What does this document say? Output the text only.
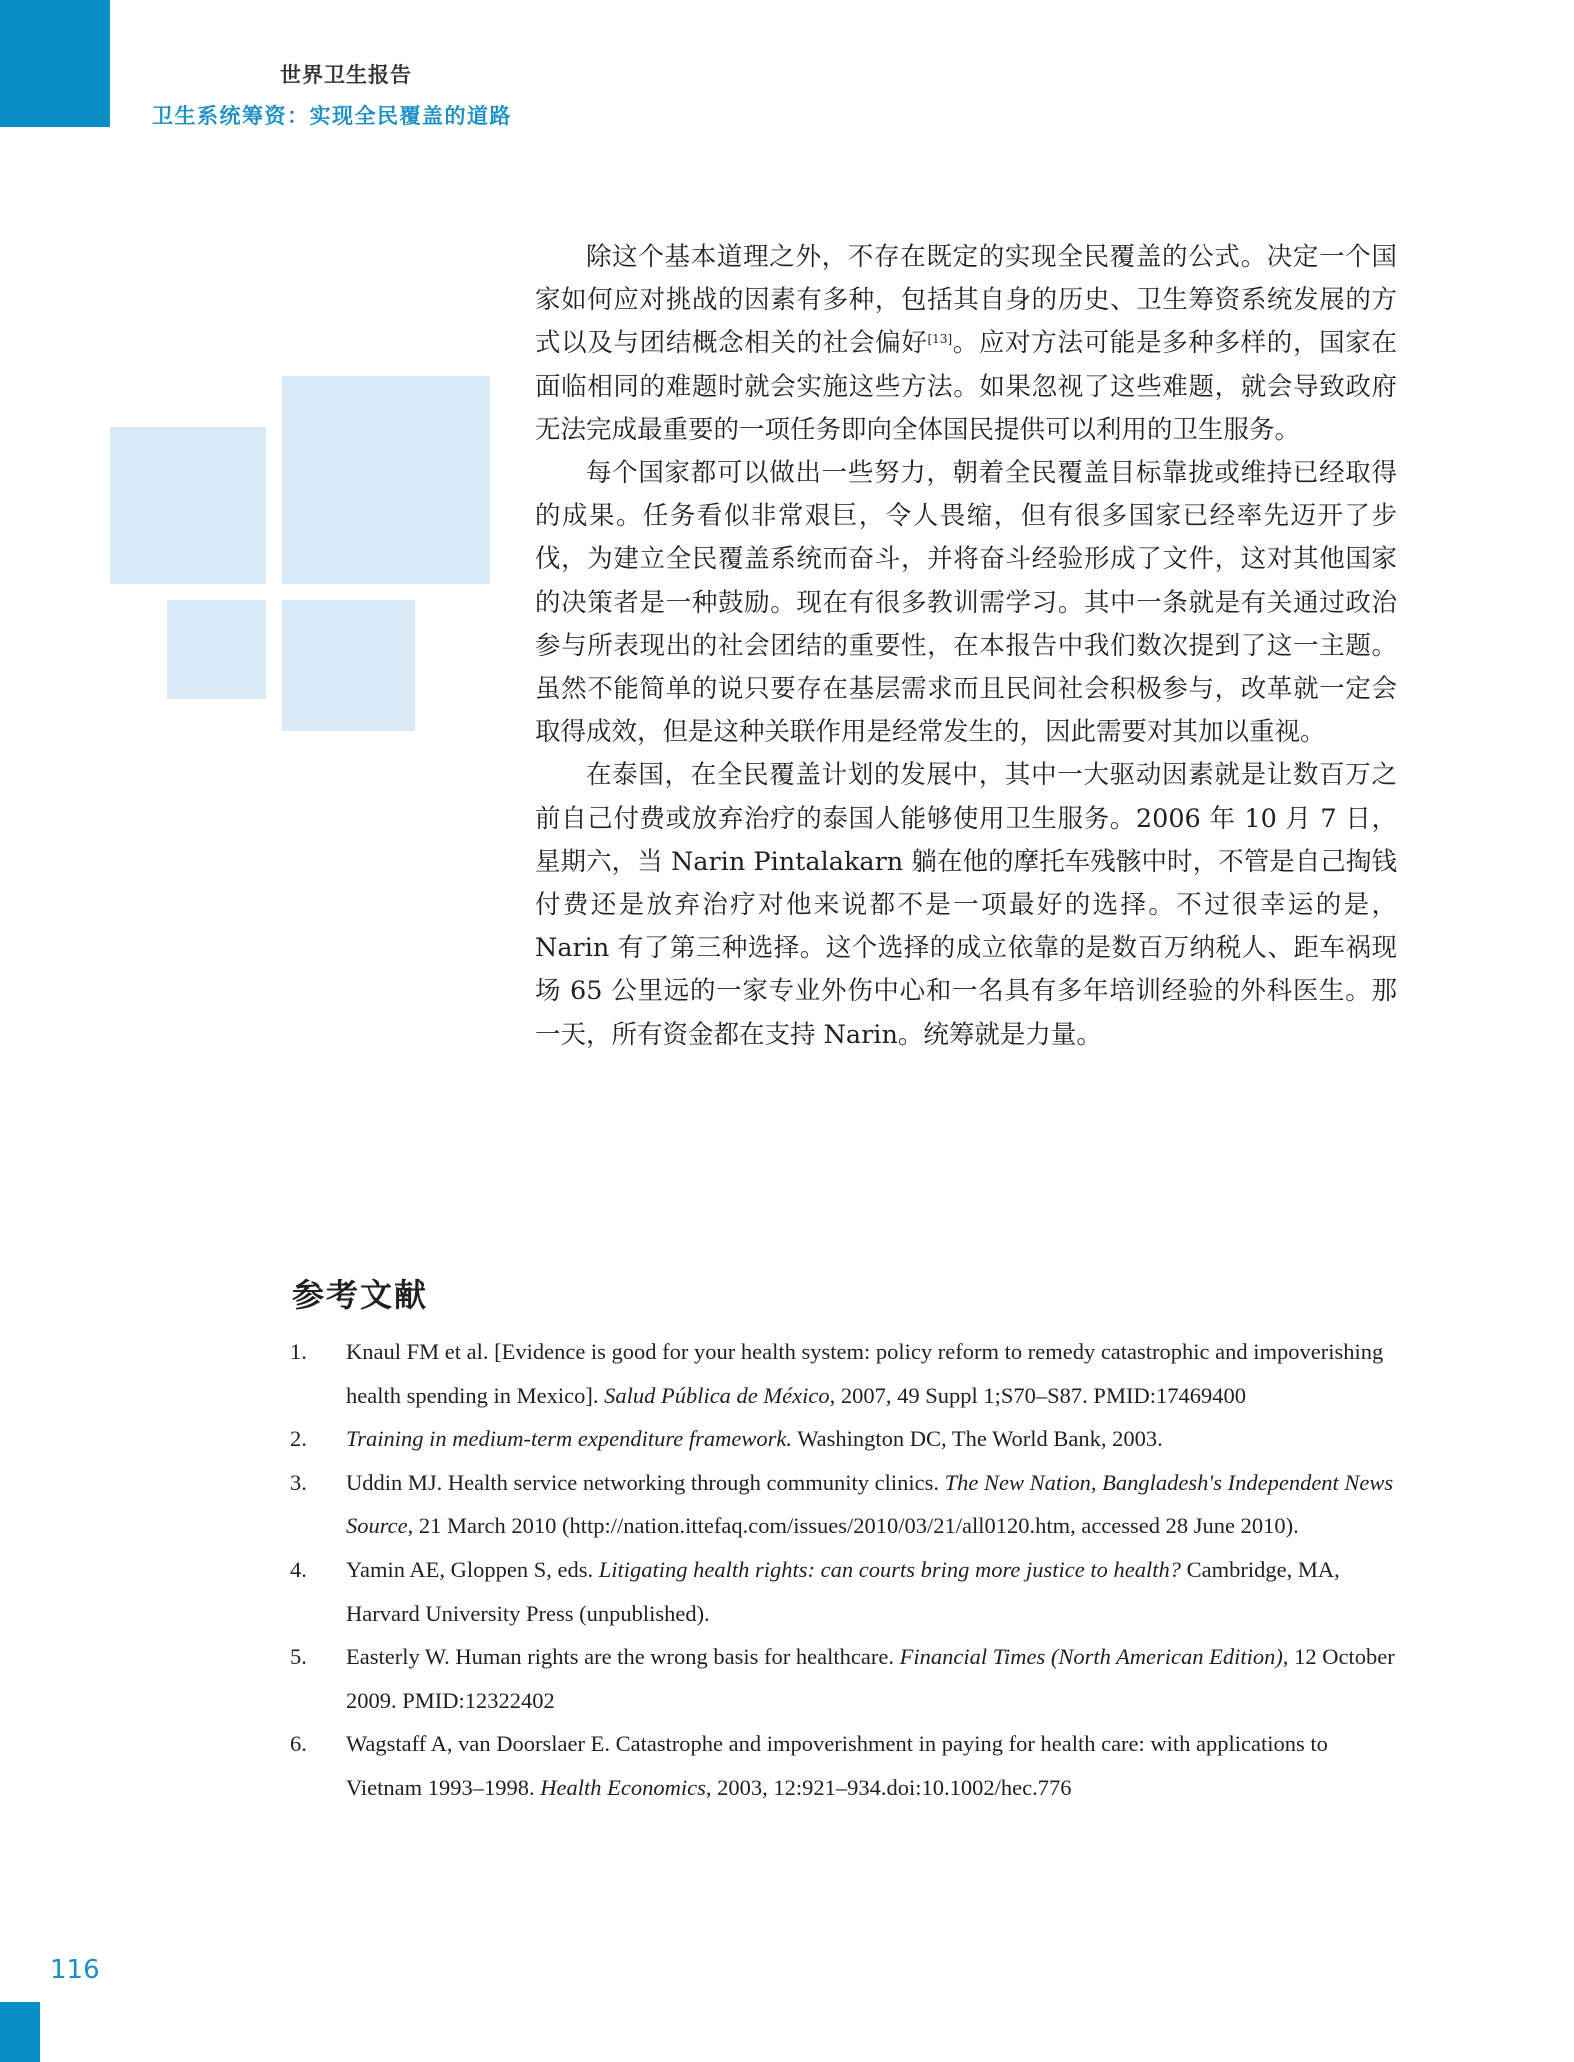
世界卫生报告
卫生系统筹资：实现全民覆盖的道路

除这个基本道理之外，不存在既定的实现全民覆盖的公式。决定一个国家如何应对挑战的因素有多种，包括其自身的历史、卫生筹资系统发展的方式以及与团结概念相关的社会偏好[13]。应对方法可能是多种多样的，国家在面临相同的难题时就会实施这些方法。如果忽视了这些难题，就会导致政府无法完成最重要的一项任务即向全体国民提供可以利用的卫生服务。

每个国家都可以做出一些努力，朝着全民覆盖目标靠拢或维持已经取得的成果。任务看似非常艰巨，令人畏缩，但有很多国家已经率先迈开了步伐，为建立全民覆盖系统而奋斗，并将奋斗经验形成了文件，这对其他国家的决策者是一种鼓励。现在有很多教训需学习。其中一条就是有关通过政治参与所表现出的社会团结的重要性，在本报告中我们数次提到了这一主题。虽然不能简单的说只要存在基层需求而且民间社会积极参与，改革就一定会取得成效，但是这种关联作用是经常发生的，因此需要对其加以重视。

在泰国，在全民覆盖计划的发展中，其中一大驱动因素就是让数百万之前自己付费或放弃治疗的泰国人能够使用卫生服务。2006 年 10 月 7 日，星期六，当 Narin Pintalakarn 躺在他的摩托车残骸中时，不管是自己掏钱付费还是放弃治疗对他来说都不是一项最好的选择。不过很幸运的是，Narin 有了第三种选择。这个选择的成立依靠的是数百万纳税人、距车祸现场 65 公里远的一家专业外伤中心和一名具有多年培训经验的外科医生。那一天，所有资金都在支持 Narin。统筹就是力量。

参考文献
1. Knaul FM et al. [Evidence is good for your health system: policy reform to remedy catastrophic and impoverishing health spending in Mexico]. Salud Pública de México, 2007, 49 Suppl 1;S70–S87. PMID:17469400
2. Training in medium-term expenditure framework. Washington DC, The World Bank, 2003.
3. Uddin MJ. Health service networking through community clinics. The New Nation, Bangladesh's Independent News Source, 21 March 2010 (http://nation.ittefaq.com/issues/2010/03/21/all0120.htm, accessed 28 June 2010).
4. Yamin AE, Gloppen S, eds. Litigating health rights: can courts bring more justice to health? Cambridge, MA, Harvard University Press (unpublished).
5. Easterly W. Human rights are the wrong basis for healthcare. Financial Times (North American Edition), 12 October 2009. PMID:12322402
6. Wagstaff A, van Doorslaer E. Catastrophe and impoverishment in paying for health care: with applications to Vietnam 1993–1998. Health Economics, 2003, 12:921–934.doi:10.1002/hec.776

116
